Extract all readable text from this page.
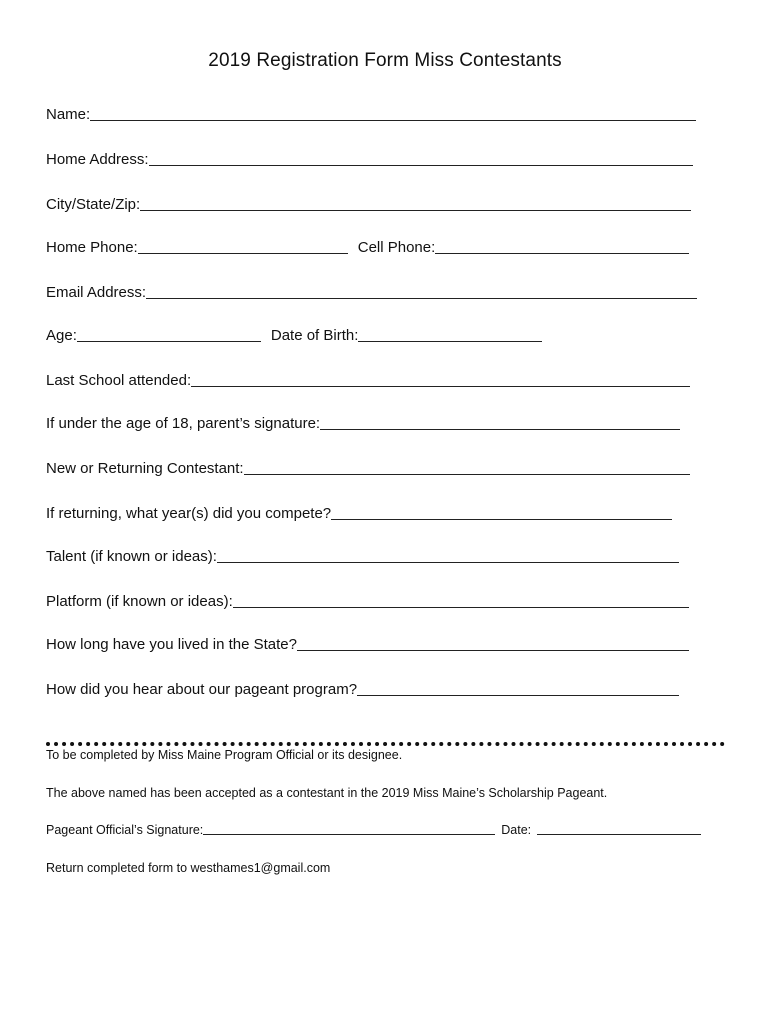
2019 Registration Form Miss Contestants
Name:
Home Address:
City/State/Zip:
Home Phone:	Cell Phone:
Email Address:
Age:	Date of Birth:
Last School attended:
If under the age of 18, parent’s signature:
New or Returning Contestant:
If returning, what year(s) did you compete?
Talent (if known or ideas):
Platform (if known or ideas):
How long have you lived in the State?
How did you hear about our pageant program?
To be completed by Miss Maine Program Official or its designee.
The above named has been accepted as a contestant in the 2019 Miss Maine’s Scholarship Pageant.
Pageant Official’s Signature:	Date:
Return completed form to westhames1@gmail.com
